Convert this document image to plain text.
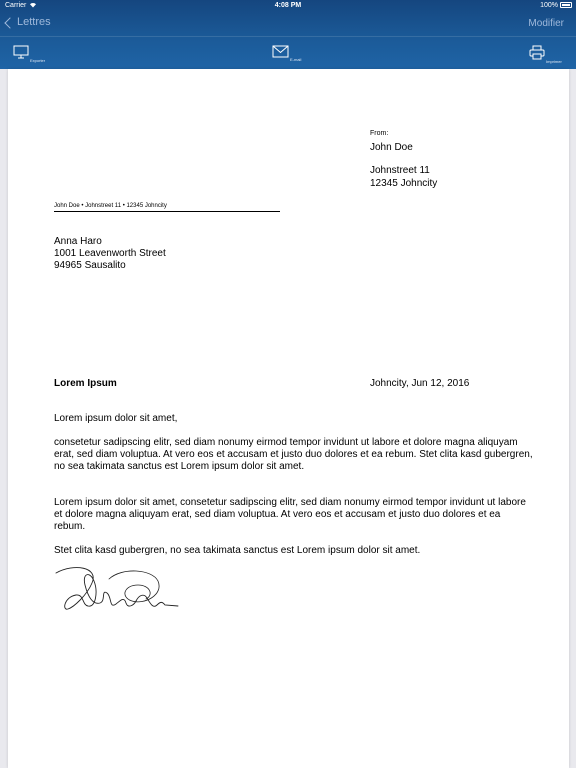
Carrier	4:08 PM	100%
Lettres	Modifier
Exporter	E-mail	Imprimer
From:
John Doe
Johnstreet 11
12345 Johncity
John Doe • Johnstreet 11 • 12345 Johncity
Anna Haro
1001 Leavenworth Street
94965 Sausalito
Lorem Ipsum	Johncity, Jun 12, 2016

Lorem ipsum dolor sit amet,

consetetur sadipscing elitr, sed diam nonumy eirmod tempor invidunt ut labore et dolore magna aliquyam erat, sed diam voluptua. At vero eos et accusam et justo duo dolores et ea rebum. Stet clita kasd gubergren, no sea takimata sanctus est Lorem ipsum dolor sit amet.

Lorem ipsum dolor sit amet, consetetur sadipscing elitr, sed diam nonumy eirmod tempor invidunt ut labore et dolore magna aliquyam erat, sed diam voluptua. At vero eos et accusam et justo duo dolores et ea rebum.

Stet clita kasd gubergren, no sea takimata sanctus est Lorem ipsum dolor sit amet.
